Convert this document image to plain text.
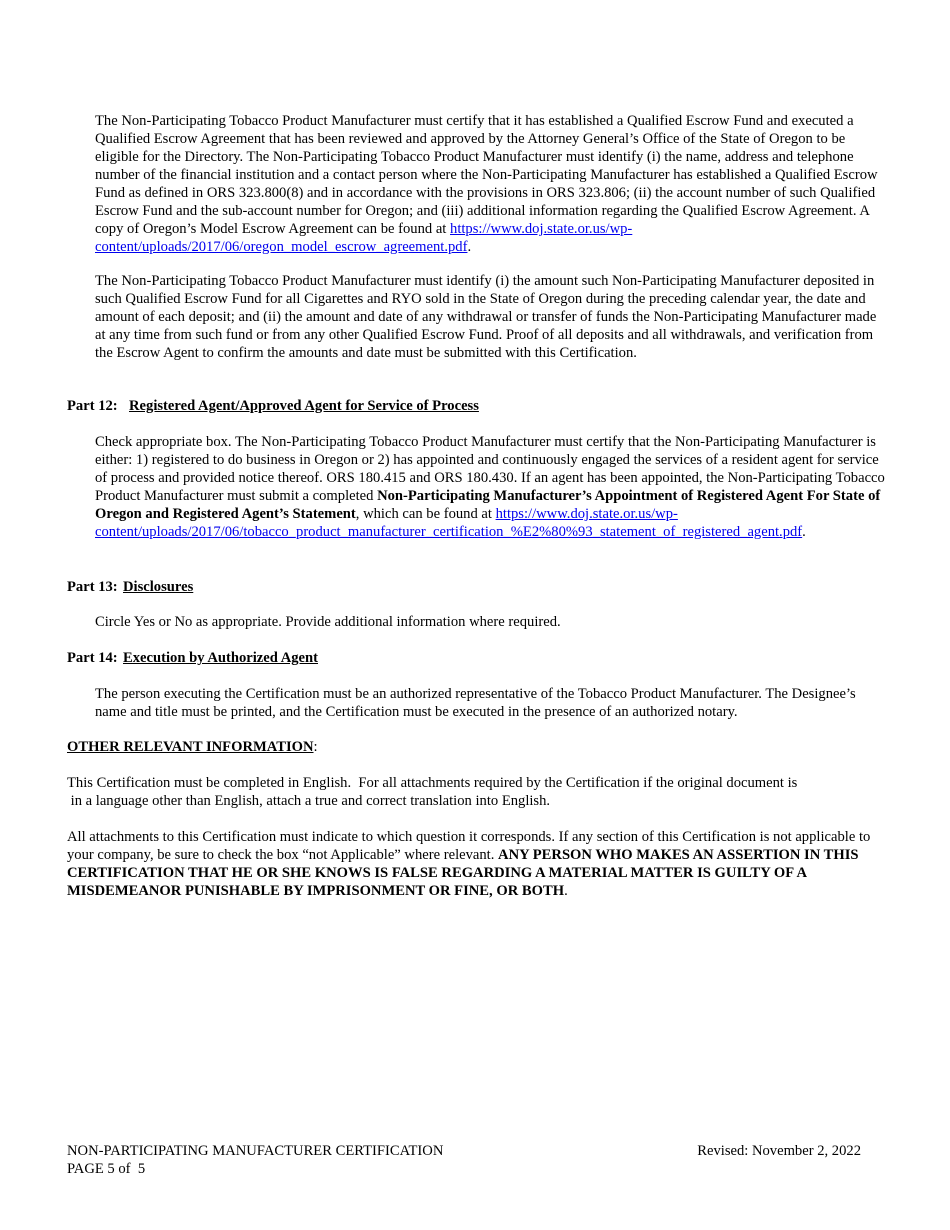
The Non-Participating Tobacco Product Manufacturer must certify that it has established a Qualified Escrow Fund and executed a Qualified Escrow Agreement that has been reviewed and approved by the Attorney General’s Office of the State of Oregon to be eligible for the Directory. The Non-Participating Tobacco Product Manufacturer must identify (i) the name, address and telephone number of the financial institution and a contact person where the Non-Participating Manufacturer has established a Qualified Escrow Fund as defined in ORS 323.800(8) and in accordance with the provisions in ORS 323.806; (ii) the account number of such Qualified Escrow Fund and the sub-account number for Oregon; and (iii) additional information regarding the Qualified Escrow Agreement. A copy of Oregon’s Model Escrow Agreement can be found at https://www.doj.state.or.us/wp-content/uploads/2017/06/oregon_model_escrow_agreement.pdf.

The Non-Participating Tobacco Product Manufacturer must identify (i) the amount such Non-Participating Manufacturer deposited in such Qualified Escrow Fund for all Cigarettes and RYO sold in the State of Oregon during the preceding calendar year, the date and amount of each deposit; and (ii) the amount and date of any withdrawal or transfer of funds the Non-Participating Manufacturer made at any time from such fund or from any other Qualified Escrow Fund. Proof of all deposits and all withdrawals, and verification from the Escrow Agent to confirm the amounts and date must be submitted with this Certification.

Part 12: Registered Agent/Approved Agent for Service of Process

Check appropriate box. The Non-Participating Tobacco Product Manufacturer must certify that the Non-Participating Manufacturer is either: 1) registered to do business in Oregon or 2) has appointed and continuously engaged the services of a resident agent for service of process and provided notice thereof. ORS 180.415 and ORS 180.430. If an agent has been appointed, the Non-Participating Tobacco Product Manufacturer must submit a completed Non-Participating Manufacturer’s Appointment of Registered Agent For State of Oregon and Registered Agent’s Statement, which can be found at https://www.doj.state.or.us/wp-
content/uploads/2017/06/tobacco_product_manufacturer_certification_%E2%80%93_statement_of_registered_agent.pdf.

Part 13: Disclosures

Circle Yes or No as appropriate. Provide additional information where required.

Part 14: Execution by Authorized Agent

The person executing the Certification must be an authorized representative of the Tobacco Product Manufacturer. The Designee’s name and title must be printed, and the Certification must be executed in the presence of an authorized notary.

OTHER RELEVANT INFORMATION:

This Certification must be completed in English.  For all attachments required by the Certification if the original document is
in a language other than English, attach a true and correct translation into English.

All attachments to this Certification must indicate to which question it corresponds. If any section of this Certification is not applicable to your company, be sure to check the box “not Applicable” where relevant. ANY PERSON WHO MAKES AN ASSERTION IN THIS CERTIFICATION THAT HE OR SHE KNOWS IS FALSE REGARDING A MATERIAL MATTER IS GUILTY OF A MISDEMEANOR PUNISHABLE BY IMPRISONMENT OR FINE, OR BOTH.

NON-PARTICIPATING MANUFACTURER CERTIFICATION	Revised: November 2, 2022
PAGE 5 of  5
